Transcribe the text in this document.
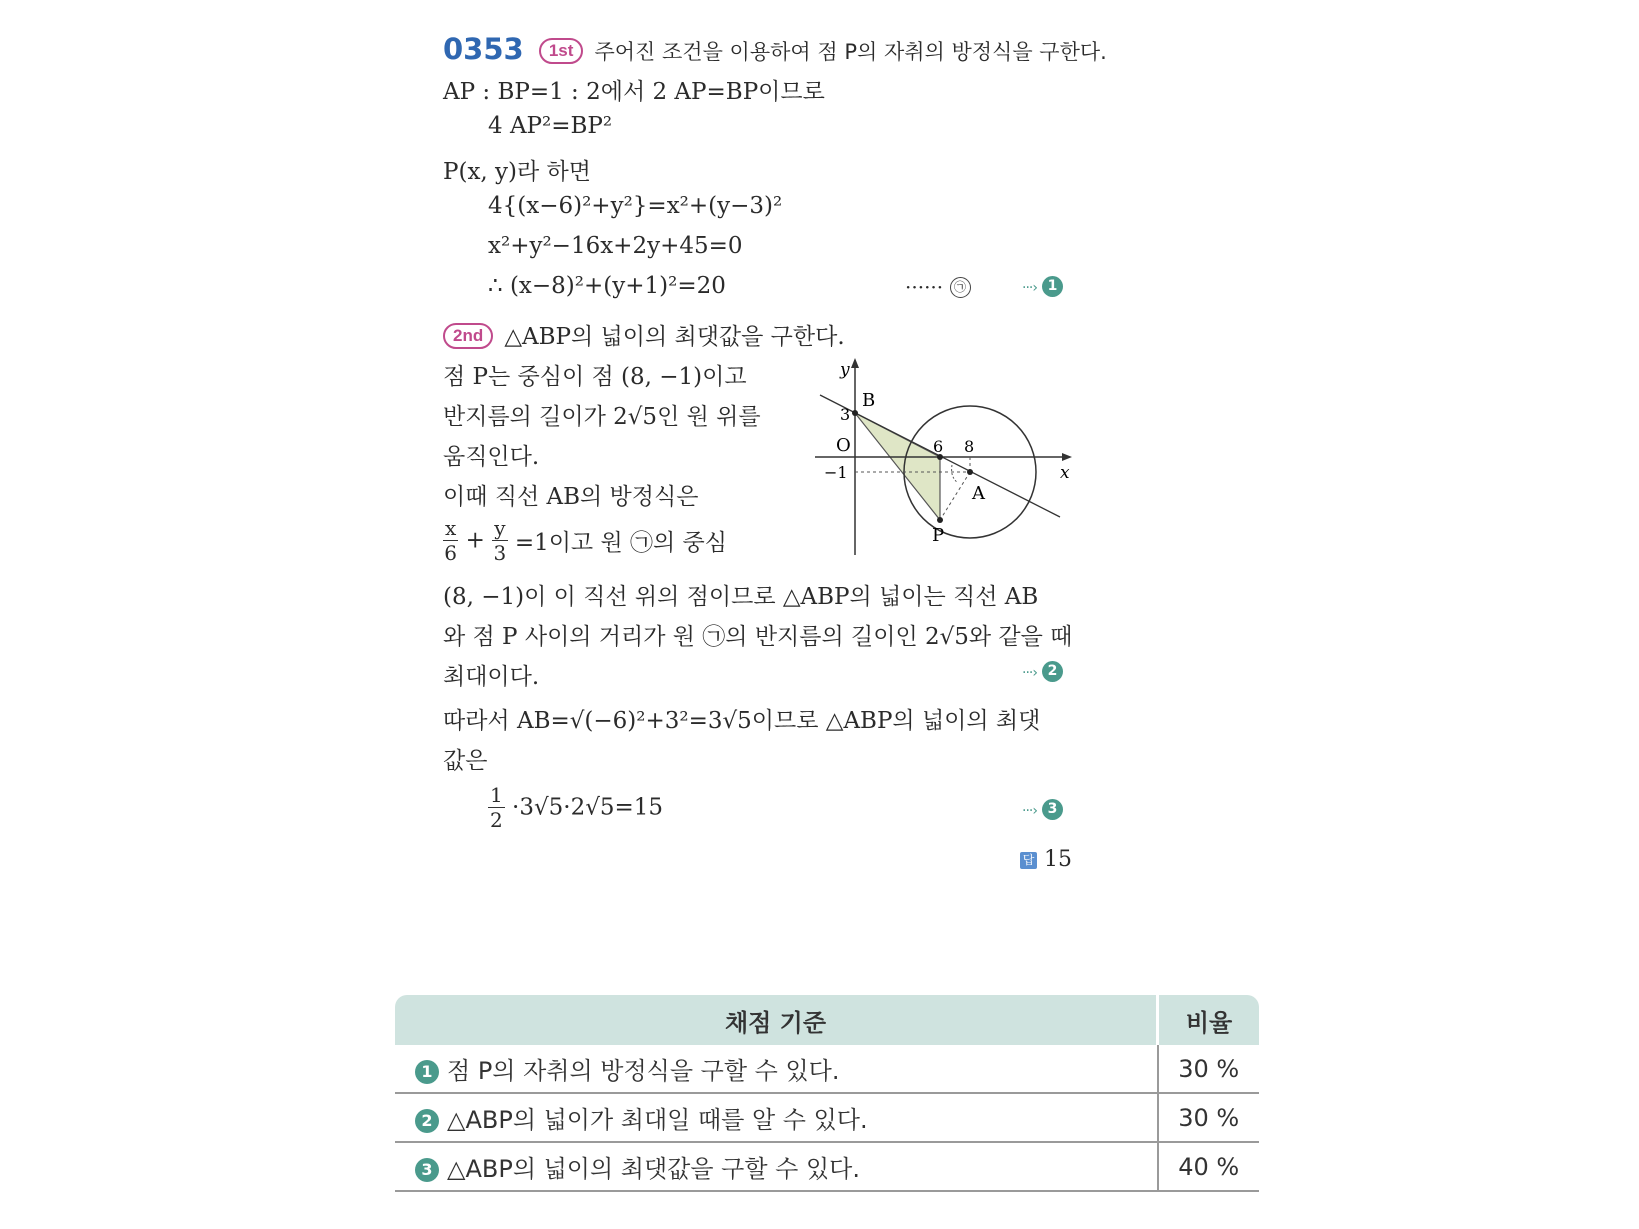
0353 1st 주어진 조건을 이용하여 점 P의 자취의 방정식을 구한다.
AP : BP=1 : 2에서 2 AP=BP이므로
4 AP²=BP²
P(x, y)라 하면
4{(x−6)²+y²}=x²+(y−3)²
x²+y²−16x+2y+45=0
∴ (x−8)²+(y+1)²=20	······ ㉠	···› 1
2nd △ABP의 넓이의 최댓값을 구한다.
점 P는 중심이 점 (8, −1)이고
반지름의 길이가 2√5인 원 위를
움직인다.
이때 직선 AB의 방정식은
$\frac{x}{6} + \frac{y}{3} =1$이고 원 ㉠의 중심
(8, −1)이 이 직선 위의 점이므로 △ABP의 넓이는 직선 AB
와 점 P 사이의 거리가 원 ㉠의 반지름의 길이인 2√5와 같을 때
최대이다.	···› 2
따라서 AB=√(−6)²+3²=3√5이므로 △ABP의 넓이의 최댓
값은
$\frac{1}{2} \cdot 3√5\cdot 2√5=15$	···› 3
답 15
y
x
O
3
−1
6 8
B
A
P
채점 기준	비율
1 점 P의 자취의 방정식을 구할 수 있다.	30 %
2 △ABP의 넓이가 최대일 때를 알 수 있다.	30 %
3 △ABP의 넓이의 최댓값을 구할 수 있다.	40 %
